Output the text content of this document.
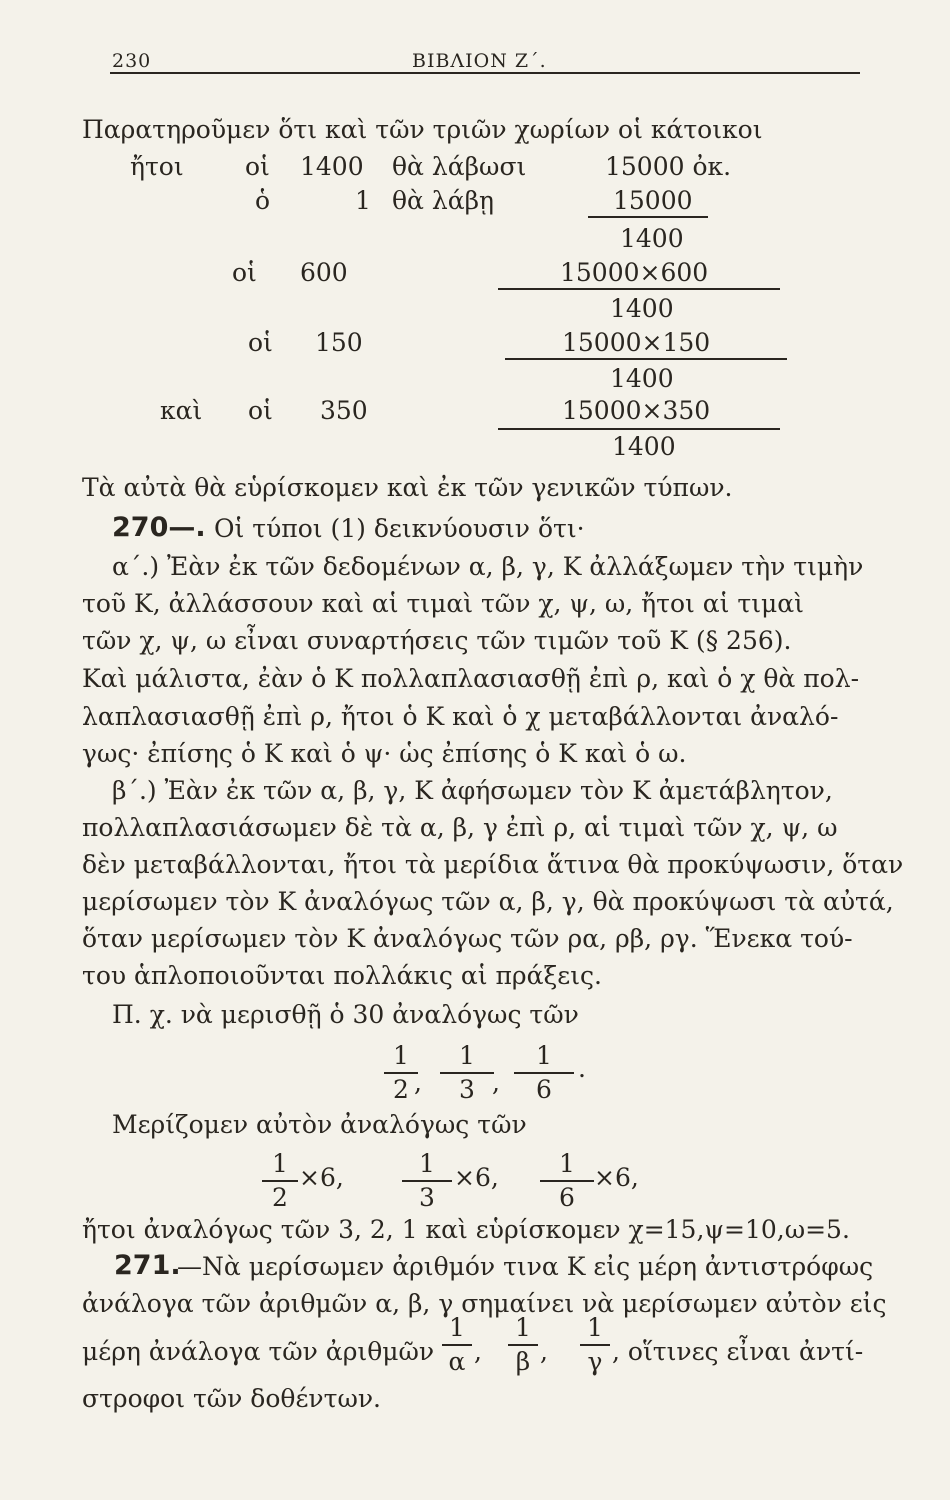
230	ΒΙΒΛΙΟΝ Ζ΄.
Παρατηροῦμεν ὅτι καὶ τῶν τριῶν χωρίων οἱ κάτοικοι
ἤτοι οἱ 1400 θὰ λάβωσι	15000 ὀκ.
ὁ	1 θὰ λάβῃ	15000
1400
οἱ 600	15000×600
1400
οἱ 150	15000×150
1400
καὶ οἱ 350	15000×350
1400
Τὰ αὐτὰ θὰ εὑρίσκομεν καὶ ἐκ τῶν γενικῶν τύπων.
270—. Οἱ τύποι (1) δεικνύουσιν ὅτι·
α΄.) Ἐὰν ἐκ τῶν δεδομένων α, β, γ, Κ ἀλλάξωμεν τὴν τιμὴν
τοῦ Κ, ἀλλάσσουν καὶ αἱ τιμαὶ τῶν χ, ψ, ω, ἤτοι αἱ τιμαὶ
τῶν χ, ψ, ω εἶναι συναρτήσεις τῶν τιμῶν τοῦ Κ (§ 256).
Καὶ μάλιστα, ἐὰν ὁ Κ πολλαπλασιασθῇ ἐπὶ ρ, καὶ ὁ χ θὰ πολ-
λαπλασιασθῇ ἐπὶ ρ, ἤτοι ὁ Κ καὶ ὁ χ μεταβάλλονται ἀναλό-
γως· ἐπίσης ὁ Κ καὶ ὁ ψ· ὡς ἐπίσης ὁ Κ καὶ ὁ ω.
β΄.) Ἐὰν ἐκ τῶν α, β, γ, Κ ἀφήσωμεν τὸν Κ ἀμετάβλητον,
πολλαπλασιάσωμεν δὲ τὰ α, β, γ ἐπὶ ρ, αἱ τιμαὶ τῶν χ, ψ, ω
δὲν μεταβάλλονται, ἤτοι τὰ μερίδια ἅτινα θὰ προκύψωσιν, ὅταν
μερίσωμεν τὸν Κ ἀναλόγως τῶν α, β, γ, θὰ προκύψωσι τὰ αὐτά,
ὅταν μερίσωμεν τὸν Κ ἀναλόγως τῶν ρα, ρβ, ργ. Ἕνεκα τού-
του ἁπλοποιοῦνται πολλάκις αἱ πράξεις.
Π. χ. νὰ μερισθῇ ὁ 30 ἀναλόγως τῶν
1
2 ,
1
3 ,
1
6
.
Μερίζομεν αὐτὸν ἀναλόγως τῶν
1
2
×6,	1
3
×6,	1
6
×6,
ἤτοι ἀναλόγως τῶν 3, 2, 1 καὶ εὑρίσκομεν χ=15,ψ=10,ω=5.
271.
—Νὰ μερίσωμεν ἀριθμόν τινα Κ εἰς μέρη ἀντιστρόφως
ἀνάλογα τῶν ἀριθμῶν α, β, γ σημαίνει νὰ μερίσωμεν αὐτὸν εἰς
μέρη ἀνάλογα τῶν ἀριθμῶν
1
α ,
1
β ,
1
γ , οἵτινες εἶναι ἀντί-
στροφοι τῶν δοθέντων.
